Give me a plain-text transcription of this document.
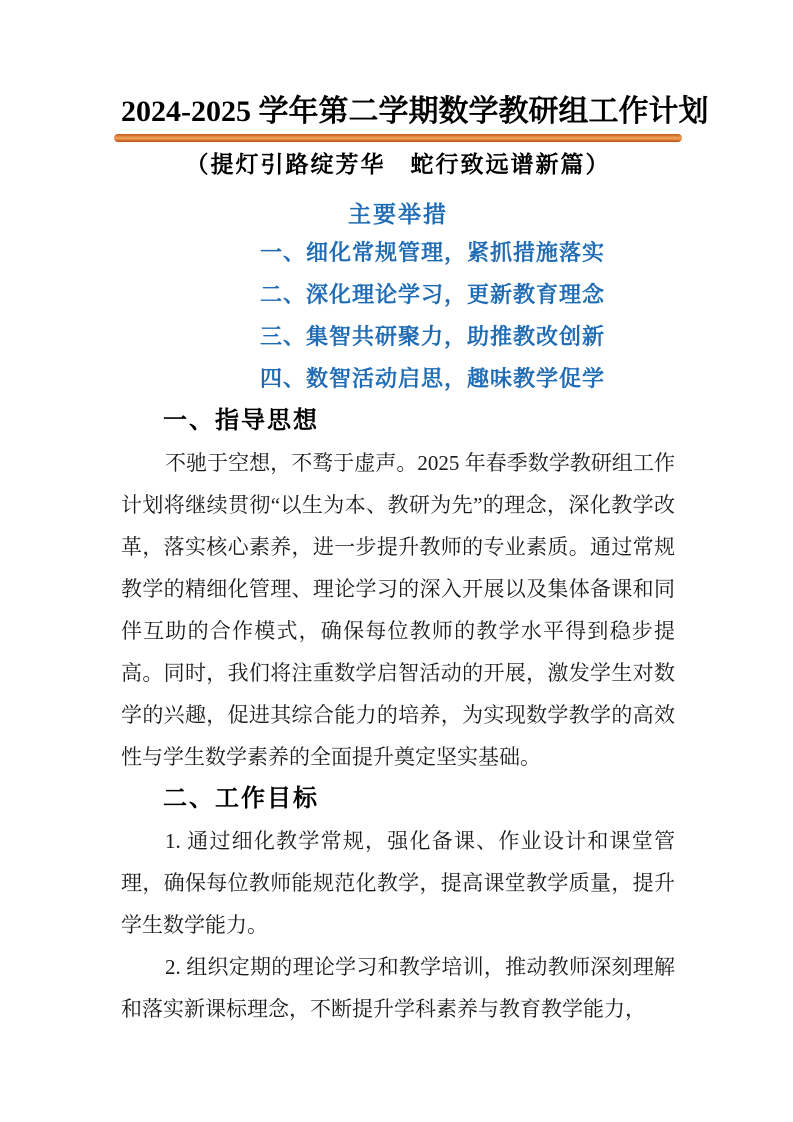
2024-2025 学年第二学期数学教研组工作计划
（提灯引路绽芳华　蛇行致远谱新篇）
主要举措
一、细化常规管理，紧抓措施落实
二、深化理论学习，更新教育理念
三、集智共研聚力，助推教改创新
四、数智活动启思，趣味教学促学
一、指导思想

不驰于空想，不骛于虚声。2025 年春季数学教研组工作计划将继续贯彻“以生为本、教研为先”的理念，深化教学改革，落实核心素养，进一步提升教师的专业素质。通过常规教学的精细化管理、理论学习的深入开展以及集体备课和同伴互助的合作模式，确保每位教师的教学水平得到稳步提高。同时，我们将注重数学启智活动的开展，激发学生对数学的兴趣，促进其综合能力的培养，为实现数学教学的高效性与学生数学素养的全面提升奠定坚实基础。

二、工作目标

1. 通过细化教学常规，强化备课、作业设计和课堂管理，确保每位教师能规范化教学，提高课堂教学质量，提升学生数学能力。

2. 组织定期的理论学习和教学培训，推动教师深刻理解和落实新课标理念，不断提升学科素养与教育教学能力，
